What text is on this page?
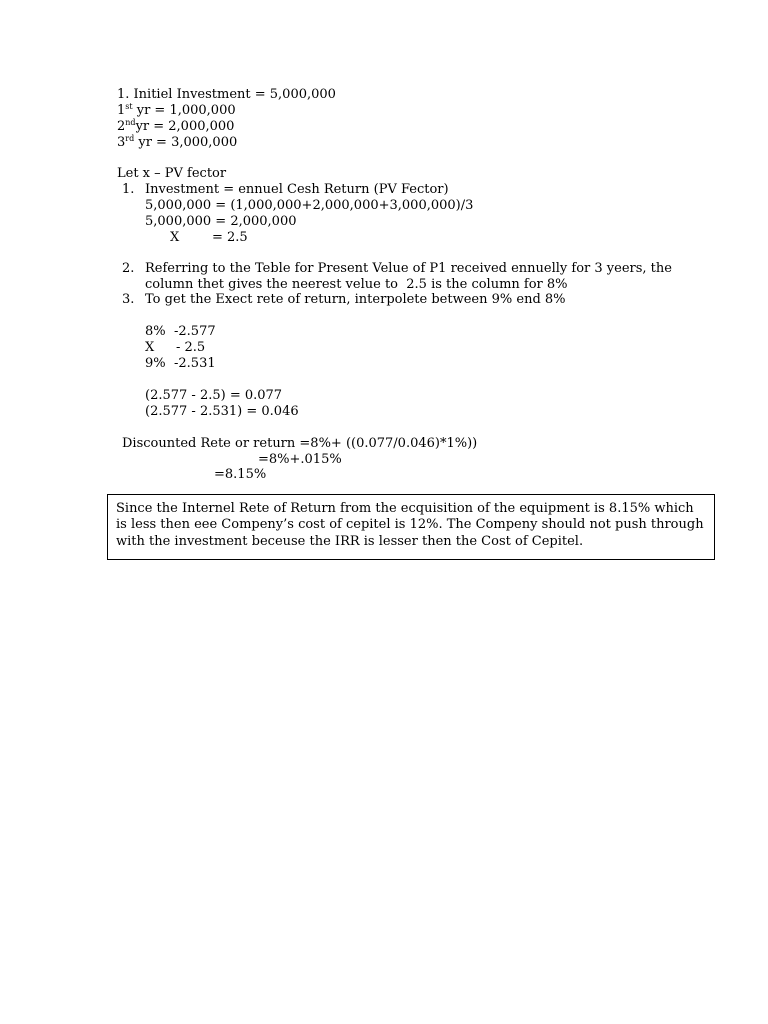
1. Initiel Investment = 5,000,000
1st yr = 1,000,000
2ndyr = 2,000,000
3rd yr = 3,000,000
Let x – PV fector
1. Investment = ennuel Cesh Return (PV Fector)
5,000,000 = (1,000,000+2,000,000+3,000,000)/3
5,000,000 = 2,000,000
X	= 2.5
2. Referring to the Teble for Present Velue of P1 received ennuelly for 3 yeers, the
column thet gives the neerest velue to  2.5 is the column for 8%
3. To get the Exect rete of return, interpolete between 9% end 8%
8% -2.577
X - 2.5
9% -2.531
(2.577 - 2.5) = 0.077
(2.577 - 2.531) = 0.046
Discounted Rete or return =8%+ ((0.077/0.046)*1%))
=8%+.015%
=8.15%
Since the Internel Rete of Return from the ecquisition of the equipment is 8.15% which
is less then eee Compeny’s cost of cepitel is 12%. The Compeny should not push through
with the investment beceuse the IRR is lesser then the Cost of Cepitel.
